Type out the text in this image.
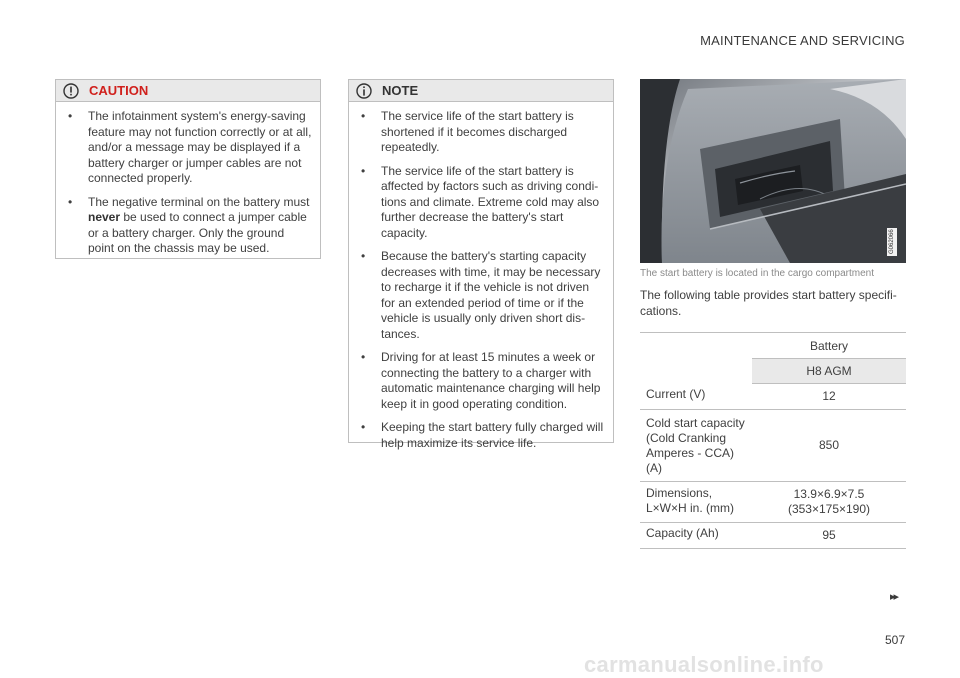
MAINTENANCE AND SERVICING
CAUTION
• The infotainment system's energy-saving feature may not function correctly or at all, and/or a message may be displayed if a battery charger or jumper cables are not connected properly.
• The negative terminal on the battery must never be used to connect a jumper cable or a battery charger. Only the ground point on the chassis may be used.
NOTE
• The service life of the start battery is shortened if it becomes discharged repeatedly.
• The service life of the start battery is affected by factors such as driving condi-tions and climate. Extreme cold may also further decrease the battery's start capacity.
• Because the battery's starting capacity decreases with time, it may be necessary to recharge it if the vehicle is not driven for an extended period of time or if the vehicle is usually only driven short dis-tances.
• Driving for at least 15 minutes a week or connecting the battery to a charger with automatic maintenance charging will help keep it in good operating condition.
• Keeping the start battery fully charged will help maximize its service life.
G062066
The start battery is located in the cargo compartment
The following table provides start battery specifi-cations.
	Battery
	H8 AGM
Current (V)	12
Cold start capacity (Cold Cranking Amperes - CCA) (A)	850
Dimensions, L×W×H in. (mm)	13.9×6.9×7.5
(353×175×190)

Capacity (Ah)	95
▸▸
507
carmanualsonline.info
